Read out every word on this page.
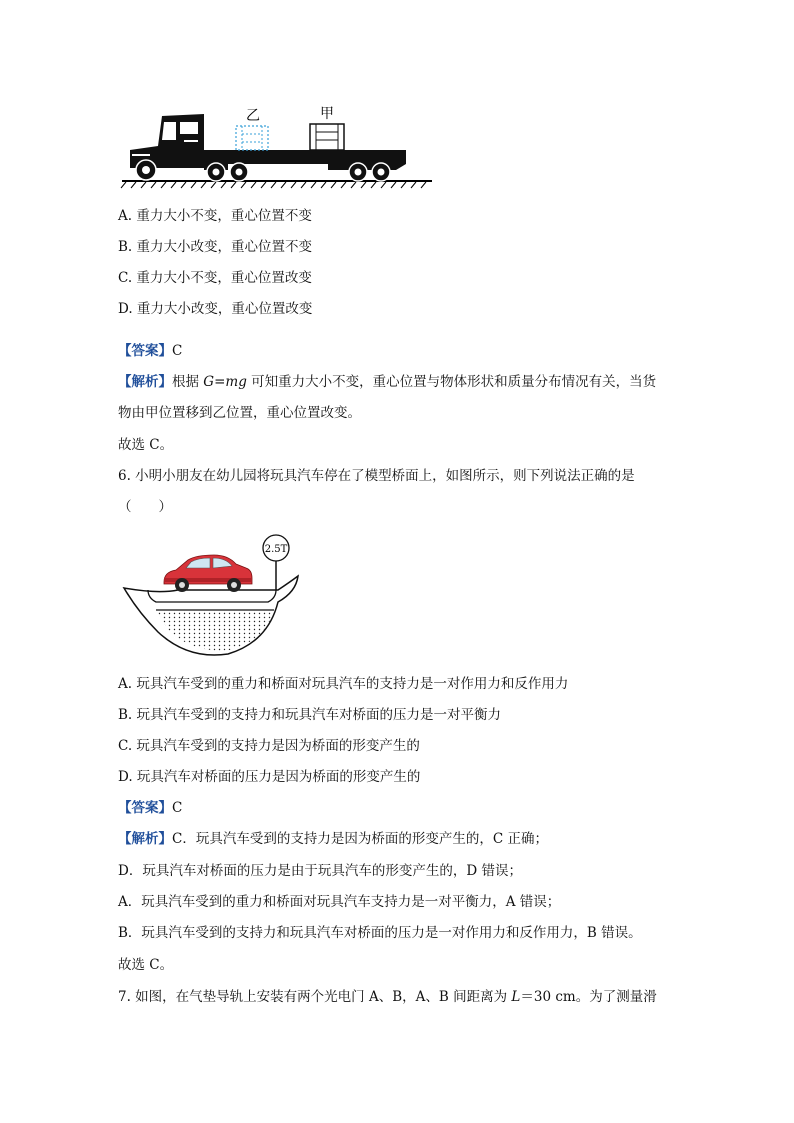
乙	甲
A. 重力大小不变，重心位置不变
B. 重力大小改变，重心位置不变
C. 重力大小不变，重心位置改变
D. 重力大小改变，重心位置改变
【答案】C
【解析】根据 G=mg 可知重力大小不变，重心位置与物体形状和质量分布情况有关，当货
物由甲位置移到乙位置，重心位置改变。
故选 C。
6. 小明小朋友在幼儿园将玩具汽车停在了模型桥面上，如图所示，则下列说法正确的是
（　　）
2.5T
A. 玩具汽车受到的重力和桥面对玩具汽车的支持力是一对作用力和反作用力
B. 玩具汽车受到的支持力和玩具汽车对桥面的压力是一对平衡力
C. 玩具汽车受到的支持力是因为桥面的形变产生的
D. 玩具汽车对桥面的压力是因为桥面的形变产生的
【答案】C
【解析】C．玩具汽车受到的支持力是因为桥面的形变产生的，C 正确；
D．玩具汽车对桥面的压力是由于玩具汽车的形变产生的，D 错误；
A．玩具汽车受到的重力和桥面对玩具汽车支持力是一对平衡力，A 错误；
B．玩具汽车受到的支持力和玩具汽车对桥面的压力是一对作用力和反作用力，B 错误。
故选 C。
7. 如图，在气垫导轨上安装有两个光电门 A、B，A、B 间距离为 L＝30 cm。为了测量滑
